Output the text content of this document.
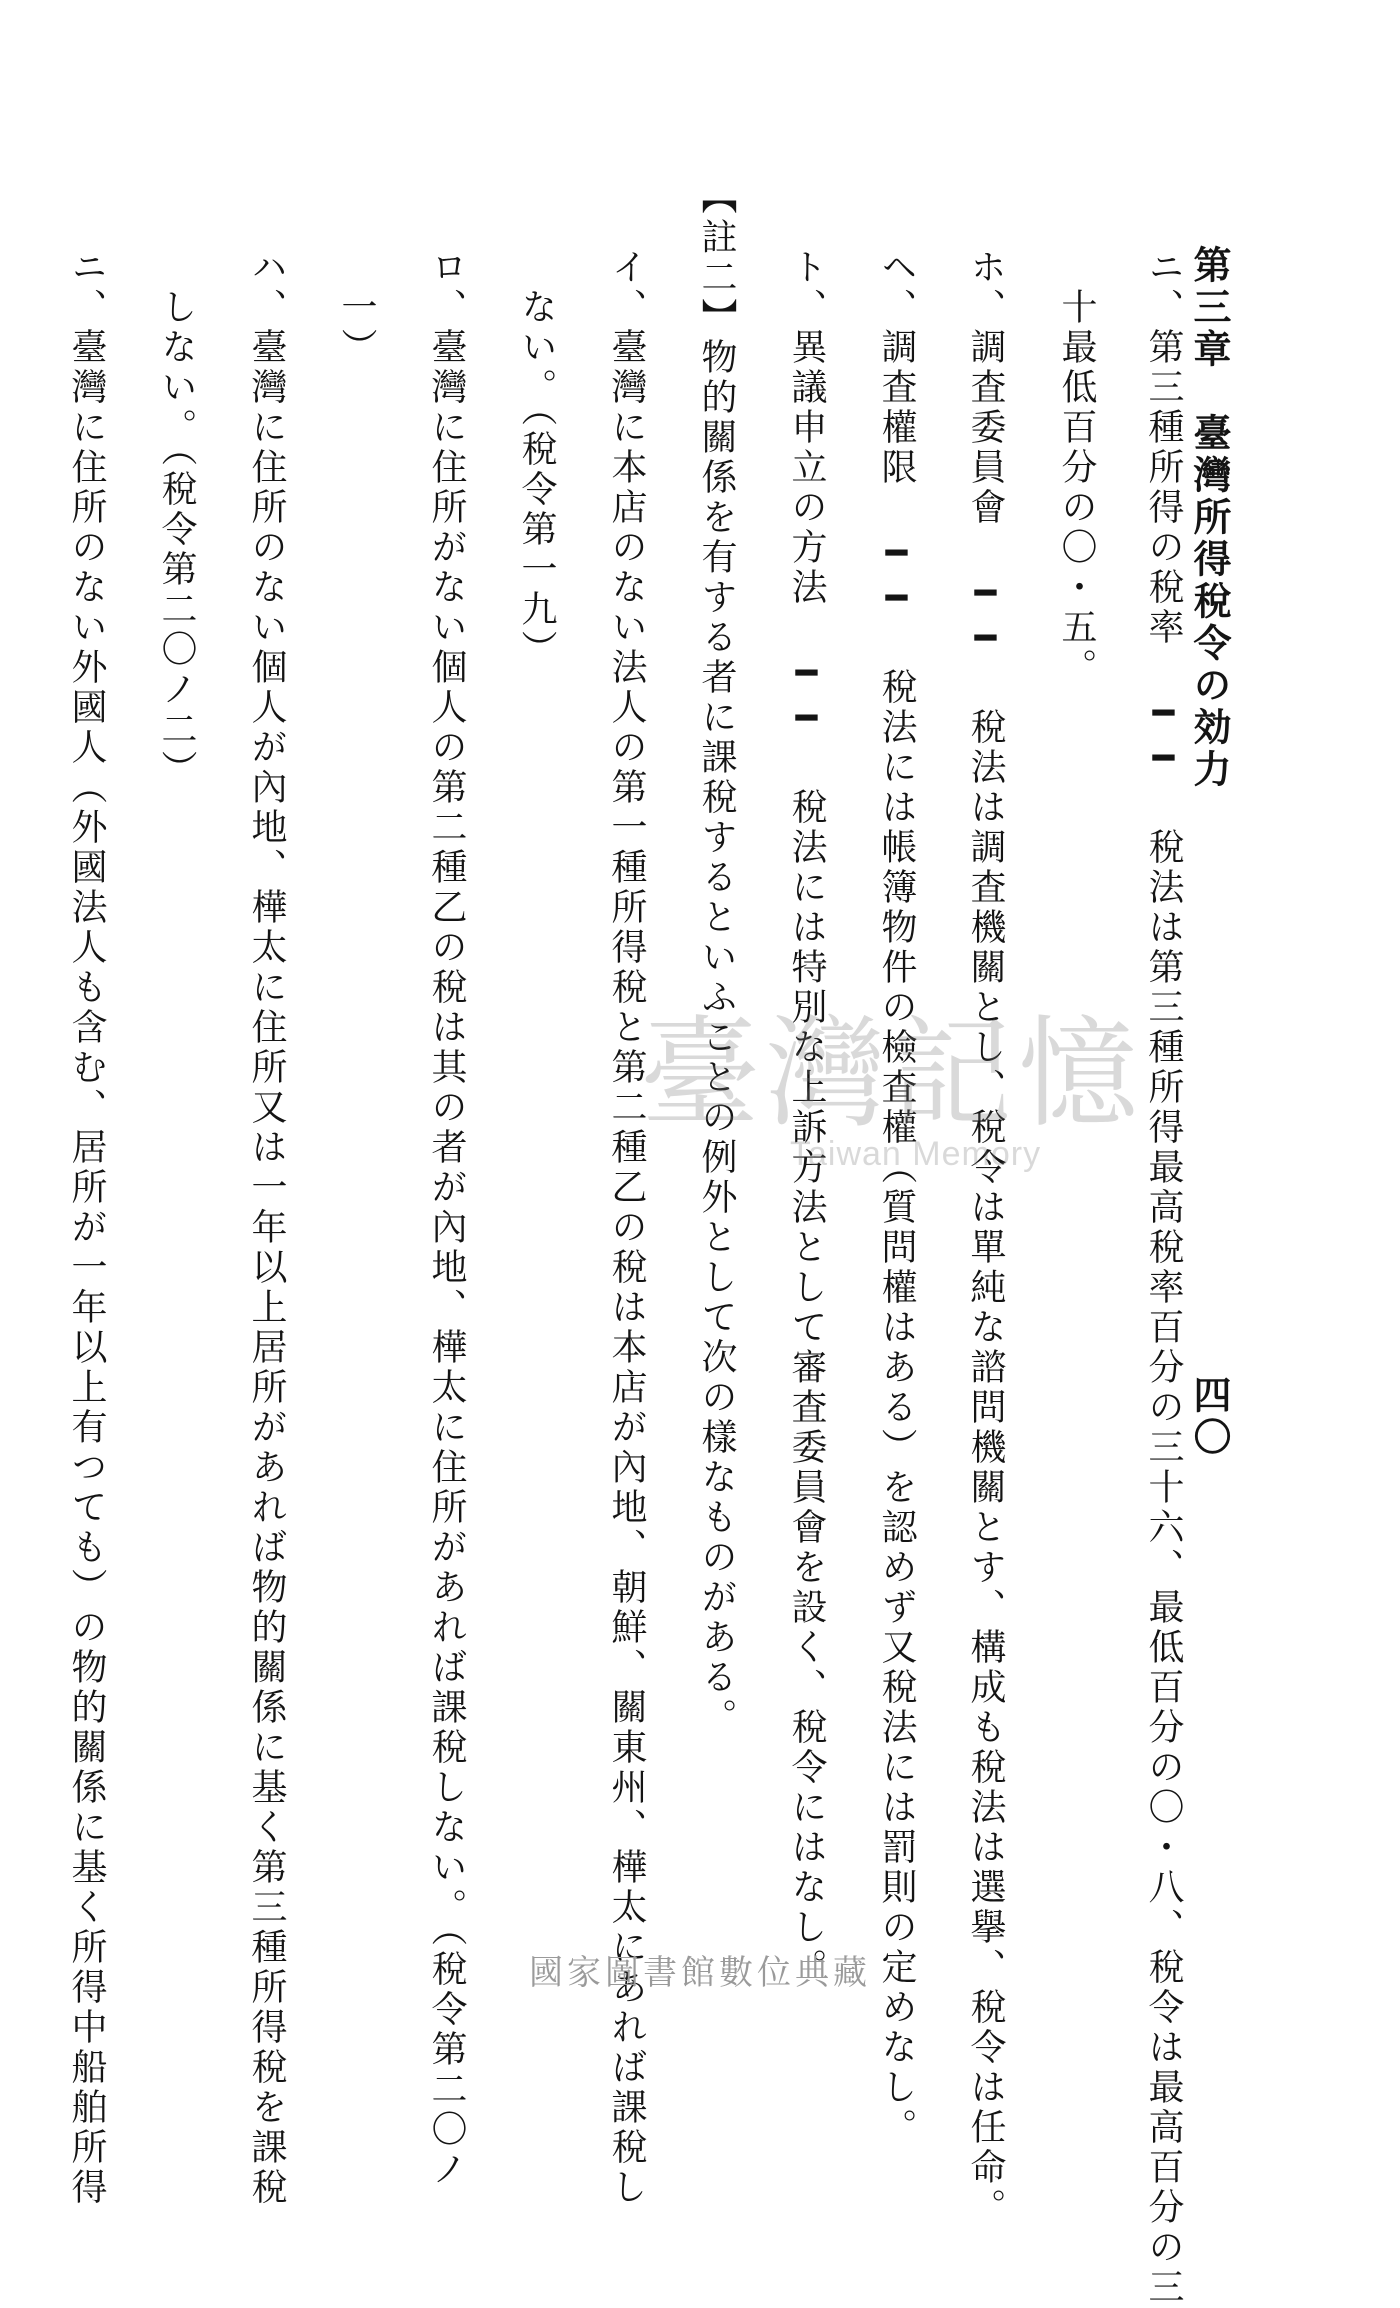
第三章　臺灣所得稅令の効力
四〇
ニ、第三種所得の稅率 ━━ 稅法は第三種所得最高稅率百分の三十六、最低百分の〇・八、稅令は最高百分の三
十最低百分の〇・五。
ホ、調査委員會 ━━ 稅法は調査機關とし、稅令は單純な諮問機關とす、構成も稅法は選擧、稅令は任命。
ヘ、調査權限 ━━ 稅法には帳簿物件の檢査權（質問權はある）を認めず又稅法には罰則の定めなし。
ト、異議申立の方法 ━━ 稅法には特別な上訴方法として審査委員會を設く、稅令にはなし。
【註二】物的關係を有する者に課稅するといふことの例外として次の樣なものがある。
イ、臺灣に本店のない法人の第一種所得稅と第二種乙の稅は本店が內地、朝鮮、關東州、樺太にあれば課稅し
ない。（稅令第一九）
ロ、臺灣に住所がない個人の第二種乙の稅は其の者が內地、樺太に住所があれば課稅しない。（稅令第二〇ノ
一）
ハ、臺灣に住所のない個人が內地、樺太に住所又は一年以上居所があれば物的關係に基く第三種所得稅を課稅
しない。（稅令第二〇ノ二）
ニ、臺灣に住所のない外國人（外國法人も含む、居所が一年以上有つても）の物的關係に基く所得中船舶所得	臺灣記憶
Taiwan Memory
國家圖書館數位典藏
